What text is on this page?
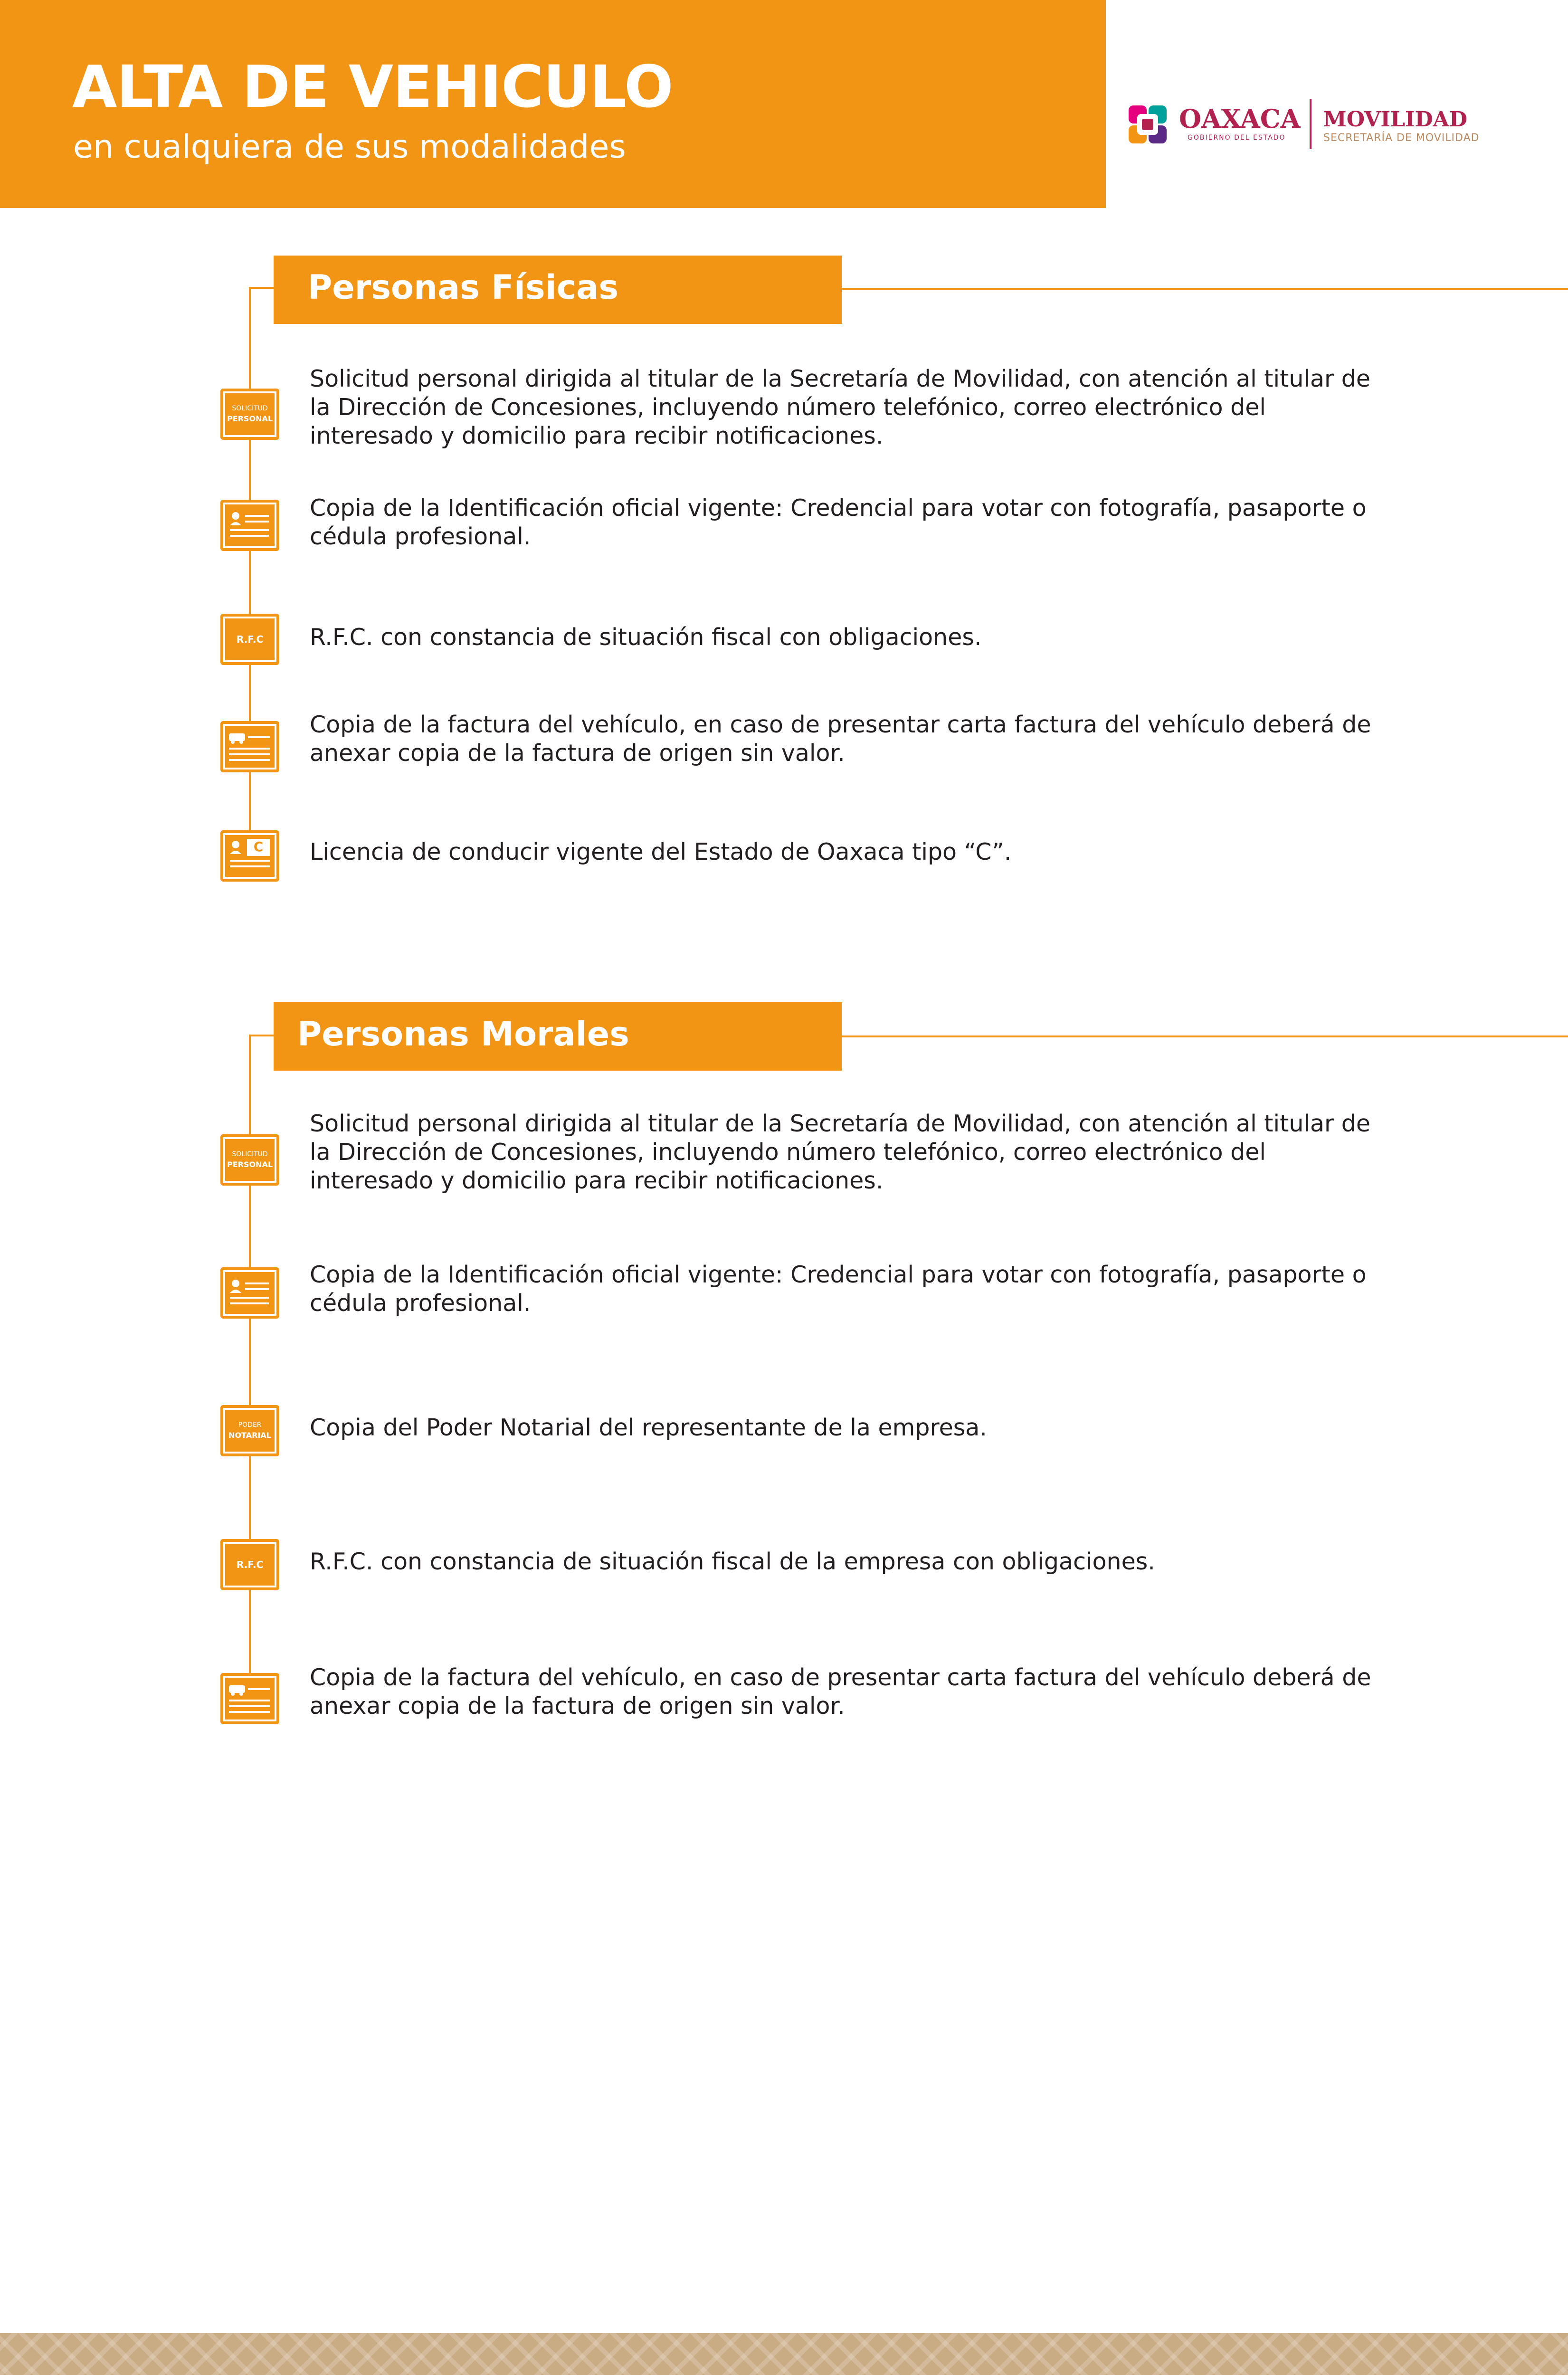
ALTA DE VEHICULO
en cualquiera de sus modalidades
OAXACA
GOBIERNO DEL ESTADO
MOVILIDAD
SECRETARÍA DE MOVILIDAD
Personas Físicas
SOLICITUD
PERSONAL
Solicitud personal dirigida al titular de la Secretaría de Movilidad, con atención al titular de la Dirección de Concesiones, incluyendo número telefónico, correo electrónico del interesado y domicilio para recibir notificaciones.
Copia de la Identificación oficial vigente: Credencial para votar con fotografía, pasaporte o cédula profesional.
R.F.C	R.F.C. con constancia de situación fiscal con obligaciones.
Copia de la factura del vehículo, en caso de presentar carta factura del vehículo deberá de anexar copia de la factura de origen sin valor.
C Licencia de conducir vigente del Estado de Oaxaca tipo “C”.
Personas Morales
SOLICITUD
PERSONAL
Solicitud personal dirigida al titular de la Secretaría de Movilidad, con atención al titular de la Dirección de Concesiones, incluyendo número telefónico, correo electrónico del interesado y domicilio para recibir notificaciones.
Copia de la Identificación oficial vigente: Credencial para votar con fotografía, pasaporte o cédula profesional.
PODER
NOTARIAL Copia del Poder Notarial del representante de la empresa.
R.F.C	R.F.C. con constancia de situación fiscal de la empresa con obligaciones.
Copia de la factura del vehículo, en caso de presentar carta factura del vehículo deberá de anexar copia de la factura de origen sin valor.
